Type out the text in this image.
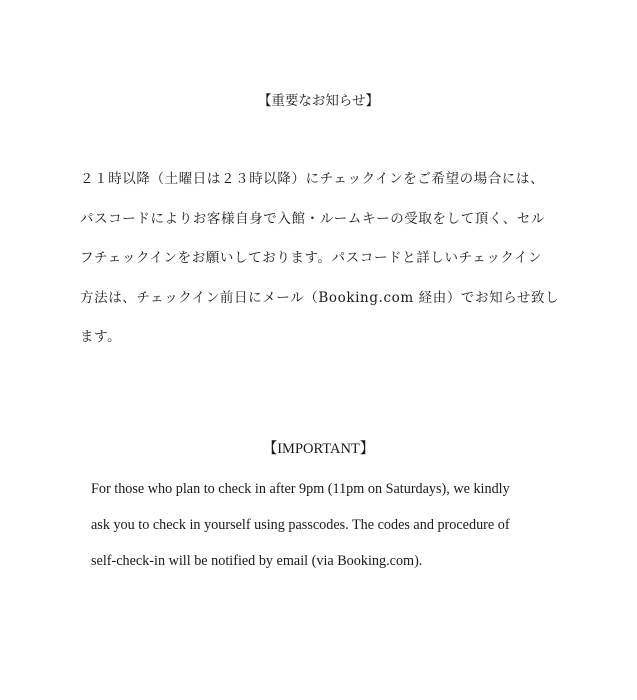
【重要なお知らせ】
２１時以降（土曜日は２３時以降）にチェックインをご希望の場合には、
パスコードによりお客様自身で入館・ルームキーの受取をして頂く、セル
フチェックインをお願いしております。パスコードと詳しいチェックイン
方法は、チェックイン前日にメール（Booking.com 経由）でお知らせ致し
ます。
【IMPORTANT】
For those who plan to check in after 9pm (11pm on Saturdays), we kindly
ask you to check in yourself using passcodes. The codes and procedure of
self-check-in will be notified by email (via Booking.com).
